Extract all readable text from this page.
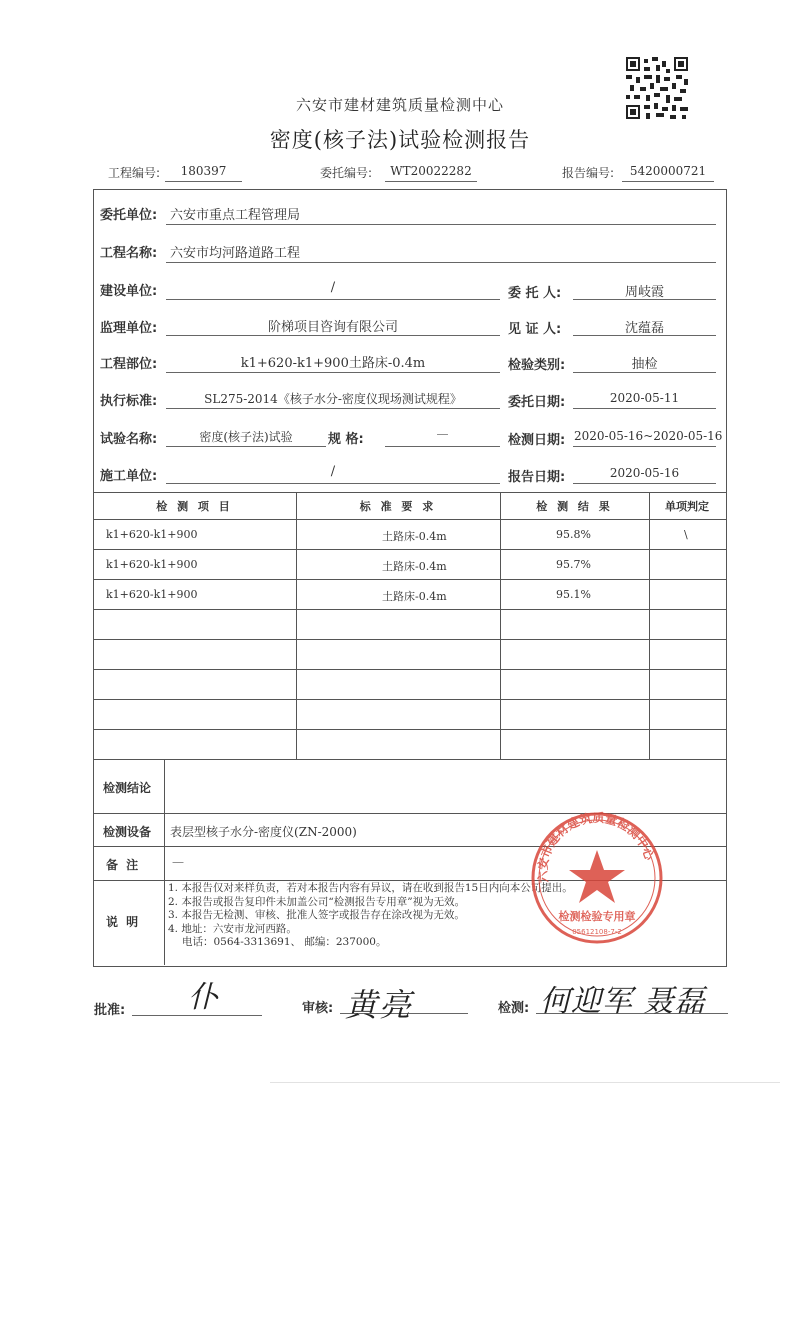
六安市建材建筑质量检测中心
密度(核子法)试验检测报告
工程编号:	180397	委托编号:	WT20022282	报告编号:	5420000721
委托单位: 六安市重点工程管理局
工程名称: 六安市均河路道路工程
建设单位:	/	委 托 人:	周岐霞
监理单位:	阶梯项目咨询有限公司	见 证 人:	沈蕴磊
工程部位:	k1+620-k1+900土路床-0.4m	检验类别:	抽检
执行标准:	SL275-2014《核子水分-密度仪现场测试规程》	委托日期:	2020-05-11
试验名称:	密度(核子法)试验	规 格:	—	检测日期: 2020-05-16~2020-05-16
施工单位:	/	报告日期:	2020-05-16
检 测 项 目	标 准 要 求	检 测 结 果	单项判定
k1+620-k1+900	土路床-0.4m	95.8%	\
k1+620-k1+900	土路床-0.4m	95.7%
k1+620-k1+900	土路床-0.4m	95.1%
检测结论
检测设备 表层型核子水分-密度仪(ZN-2000)
备 注	—
说 明
1. 本报告仅对来样负责，若对本报告内容有异议，请在收到报告15日内向本公司提出。
2. 本报告或报告复印件未加盖公司“检测报告专用章”视为无效。
3. 本报告无检测、审核、批准人签字或报告存在涂改视为无效。
4. 地址：六安市龙河西路。
电话：0564-3313691、 邮编：237000。
六安市建材建筑质量检测中心
检测检验专用章
05612108-7-2
批准: 仆	审核: 黄亮	检测: 何迎军 聂磊
